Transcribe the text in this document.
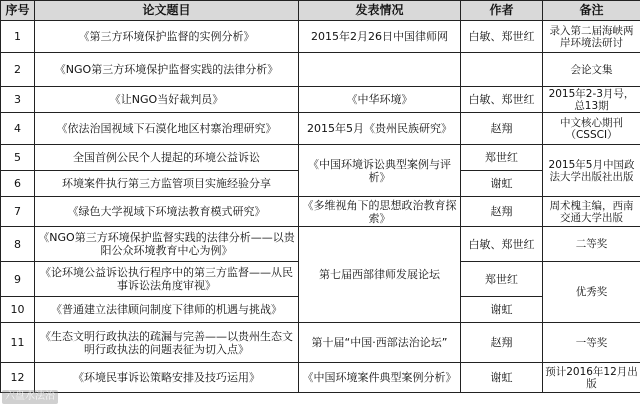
序号	论文题目	发表情况	作者	备注
1	《第三方环境保护监督的实例分析》	2015年2月26日中国律师网	白敏、郑世红	录入第二届海峡两岸环境法研讨

2	《NGO第三方环境保护监督实践的法律分析》			会论文集
3	《让NGO当好裁判员》	《中华环境》	白敏、郑世红	2015年2-3月号，总13期

4	《依法治国视域下石漠化地区村寨治理研究》	2015年5月《贵州民族研究》	赵翔	中文核心期刊（CSSCI）
5	全国首例公民个人提起的环境公益诉讼	《中国环境诉讼典型案例与评析》	郑世红	2015年5月中国政法大学出版社出版
6	环境案件执行第三方监管项目实施经验分享		谢虹	
7	《绿色大学视域下环境法教育模式研究》	《多维视角下的思想政治教育探索》	赵翔	周术槐主编，西南交通大学出版

8	《NGO第三方环境保护监督实践的法律分析——以贵阳公众环境教育中心为例》	第七届西部律师发展论坛	白敏、郑世红	二等奖
9	《论环境公益诉讼执行程序中的第三方监督——从民事诉讼法角度审视》		郑世红	优秀奖
10	《普通建立法律顾问制度下律师的机遇与挑战》		谢虹	
11	《生态文明行政执法的疏漏与完善——以贵州生态文明行政执法的问题表征为切入点》	第十届“中国·西部法治论坛”	赵翔	一等奖
12	《环境民事诉讼策略安排及技巧运用》	《中国环境案件典型案例分析》	谢虹	预计2016年12月出版
六盘水法治
